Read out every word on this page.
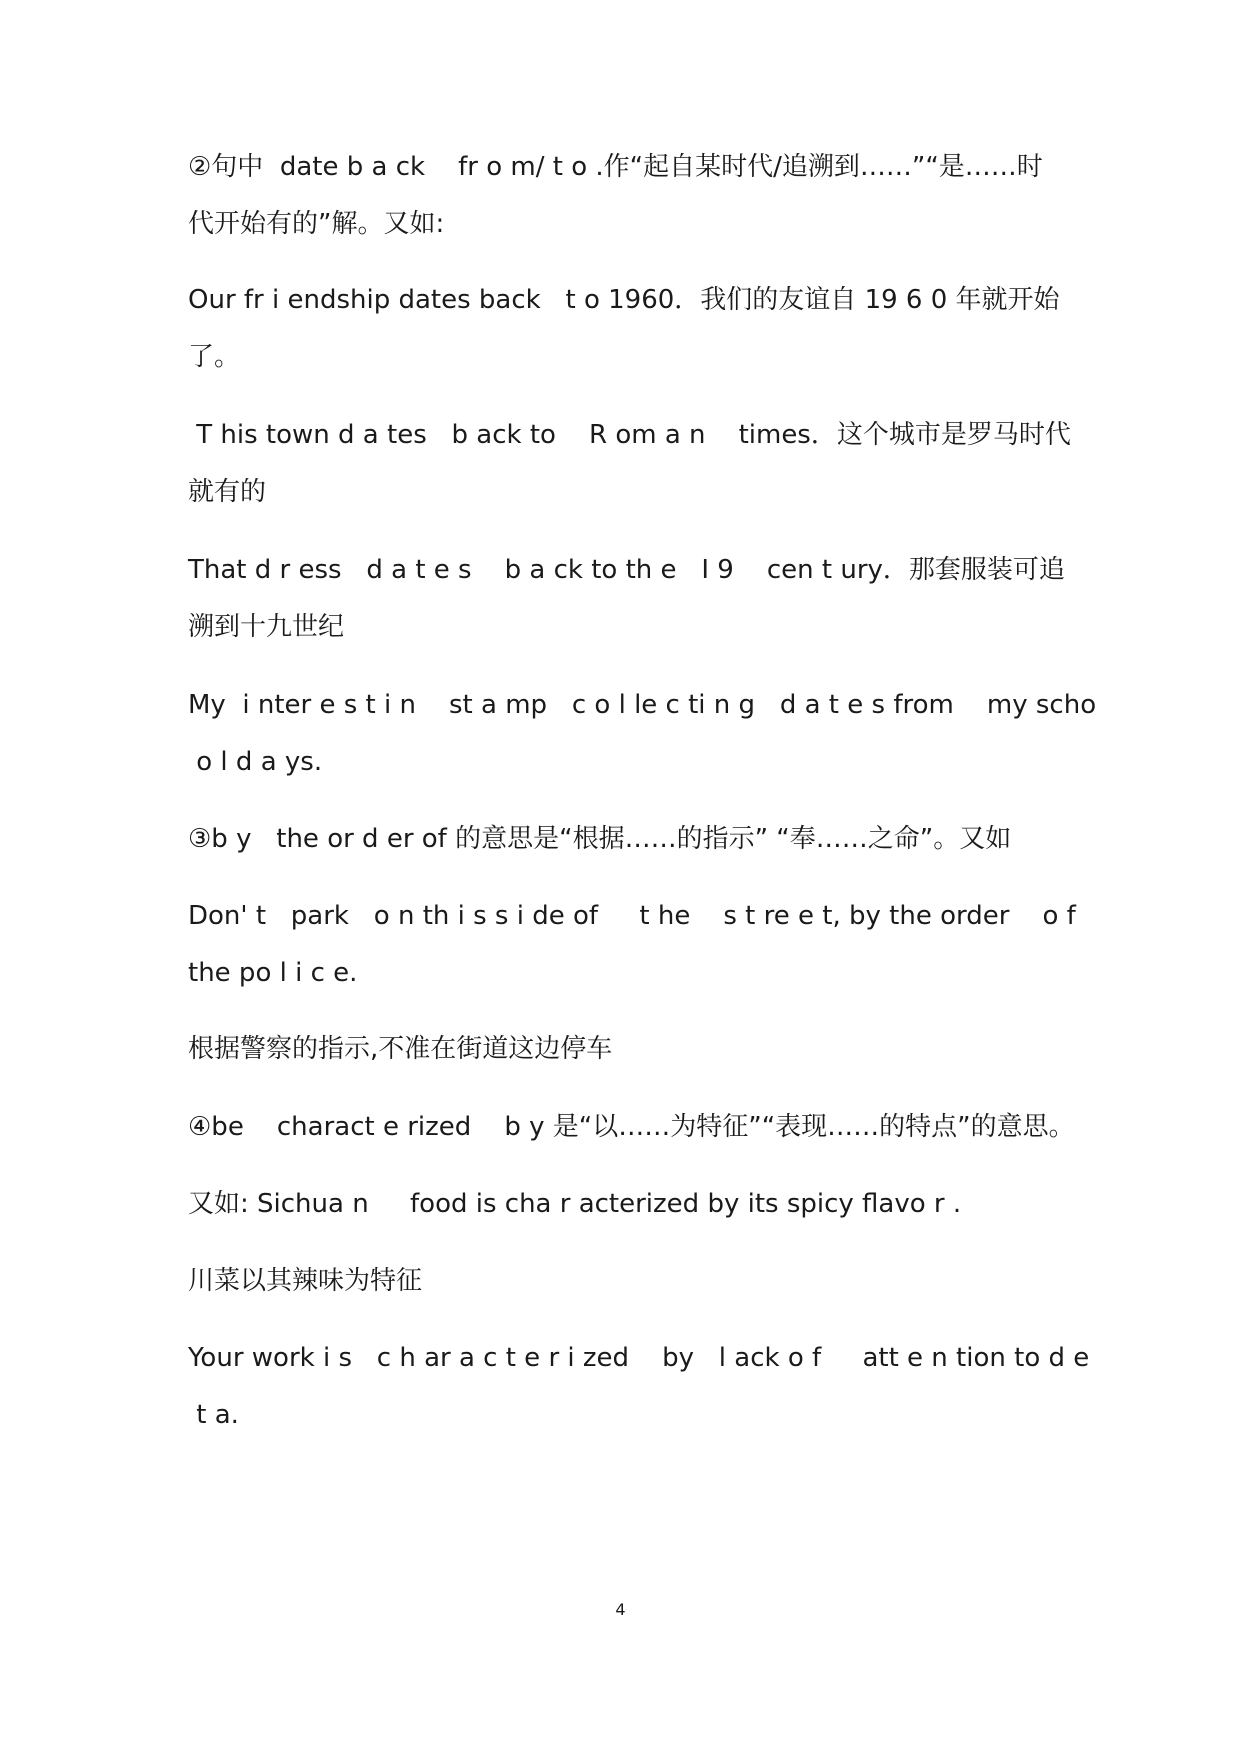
②句中  date b a ck    fr o m/ t o .作“起自某时代/追溯到……”“是……时
代开始有的”解。又如:
Our fr i endship dates back   t o 1960．我们的友谊自 19 6 0 年就开始
了。
T his town d a tes   b ack to    R om a n    times．这个城市是罗马时代
就有的
That d r ess   d a t e s    b a ck to th e   I 9    cen t ury．那套服装可追
溯到十九世纪
My  i nter e s t i n    st a mp   c o l le c ti n g   d a t e s from    my scho
o l d a ys.
③b y   the or d er of 的意思是“根据……的指示” “奉……之命”。又如
Don' t   park   o n th i s s i de of     t he    s t re e t, by the order    o f
the po l i c e.
根据警察的指示,不准在街道这边停车
④be    charact e rized    b y 是“以……为特征”“表现……的特点”的意思。
又如: Sichua n     food is cha r acterized by its spicy flavo r .
川菜以其辣味为特征
Your work i s   c h ar a c t e r i zed    by   l ack o f     att e n tion to d e
t a.
4
